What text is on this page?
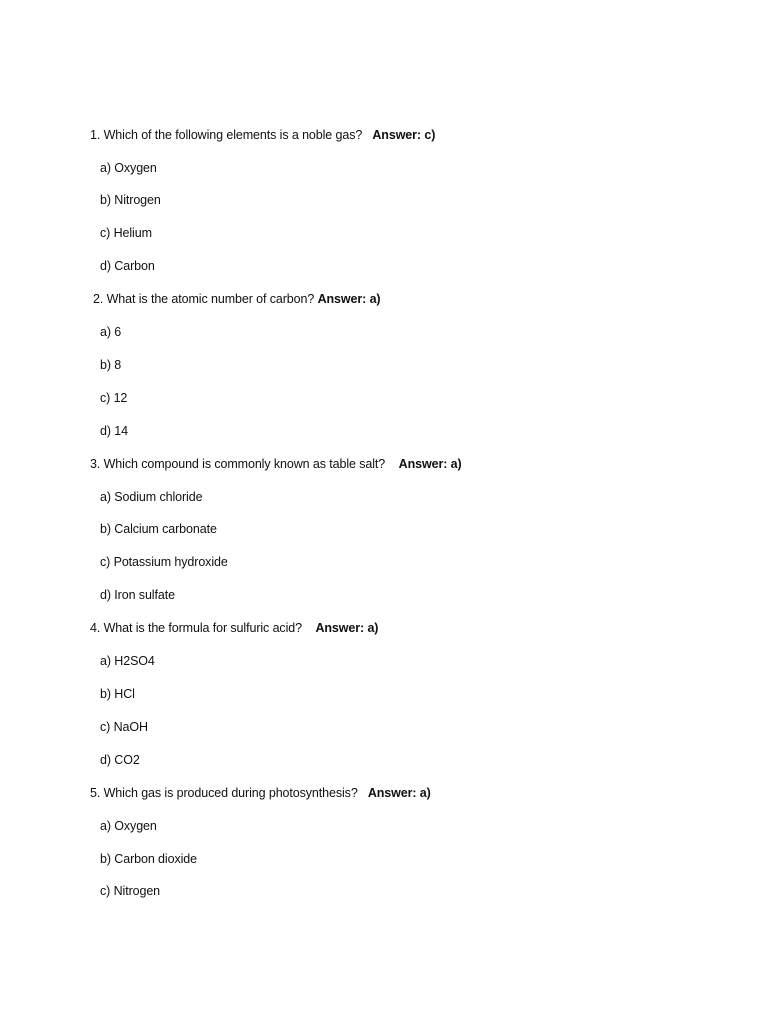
1. Which of the following elements is a noble gas? Answer: c)
a) Oxygen
b) Nitrogen
c) Helium
d) Carbon
2. What is the atomic number of carbon? Answer: a)
a) 6
b) 8
c) 12
d) 14
3. Which compound is commonly known as table salt? Answer: a)
a) Sodium chloride
b) Calcium carbonate
c) Potassium hydroxide
d) Iron sulfate
4. What is the formula for sulfuric acid? Answer: a)
a) H2SO4
b) HCl
c) NaOH
d) CO2
5. Which gas is produced during photosynthesis? Answer: a)
a) Oxygen
b) Carbon dioxide
c) Nitrogen
